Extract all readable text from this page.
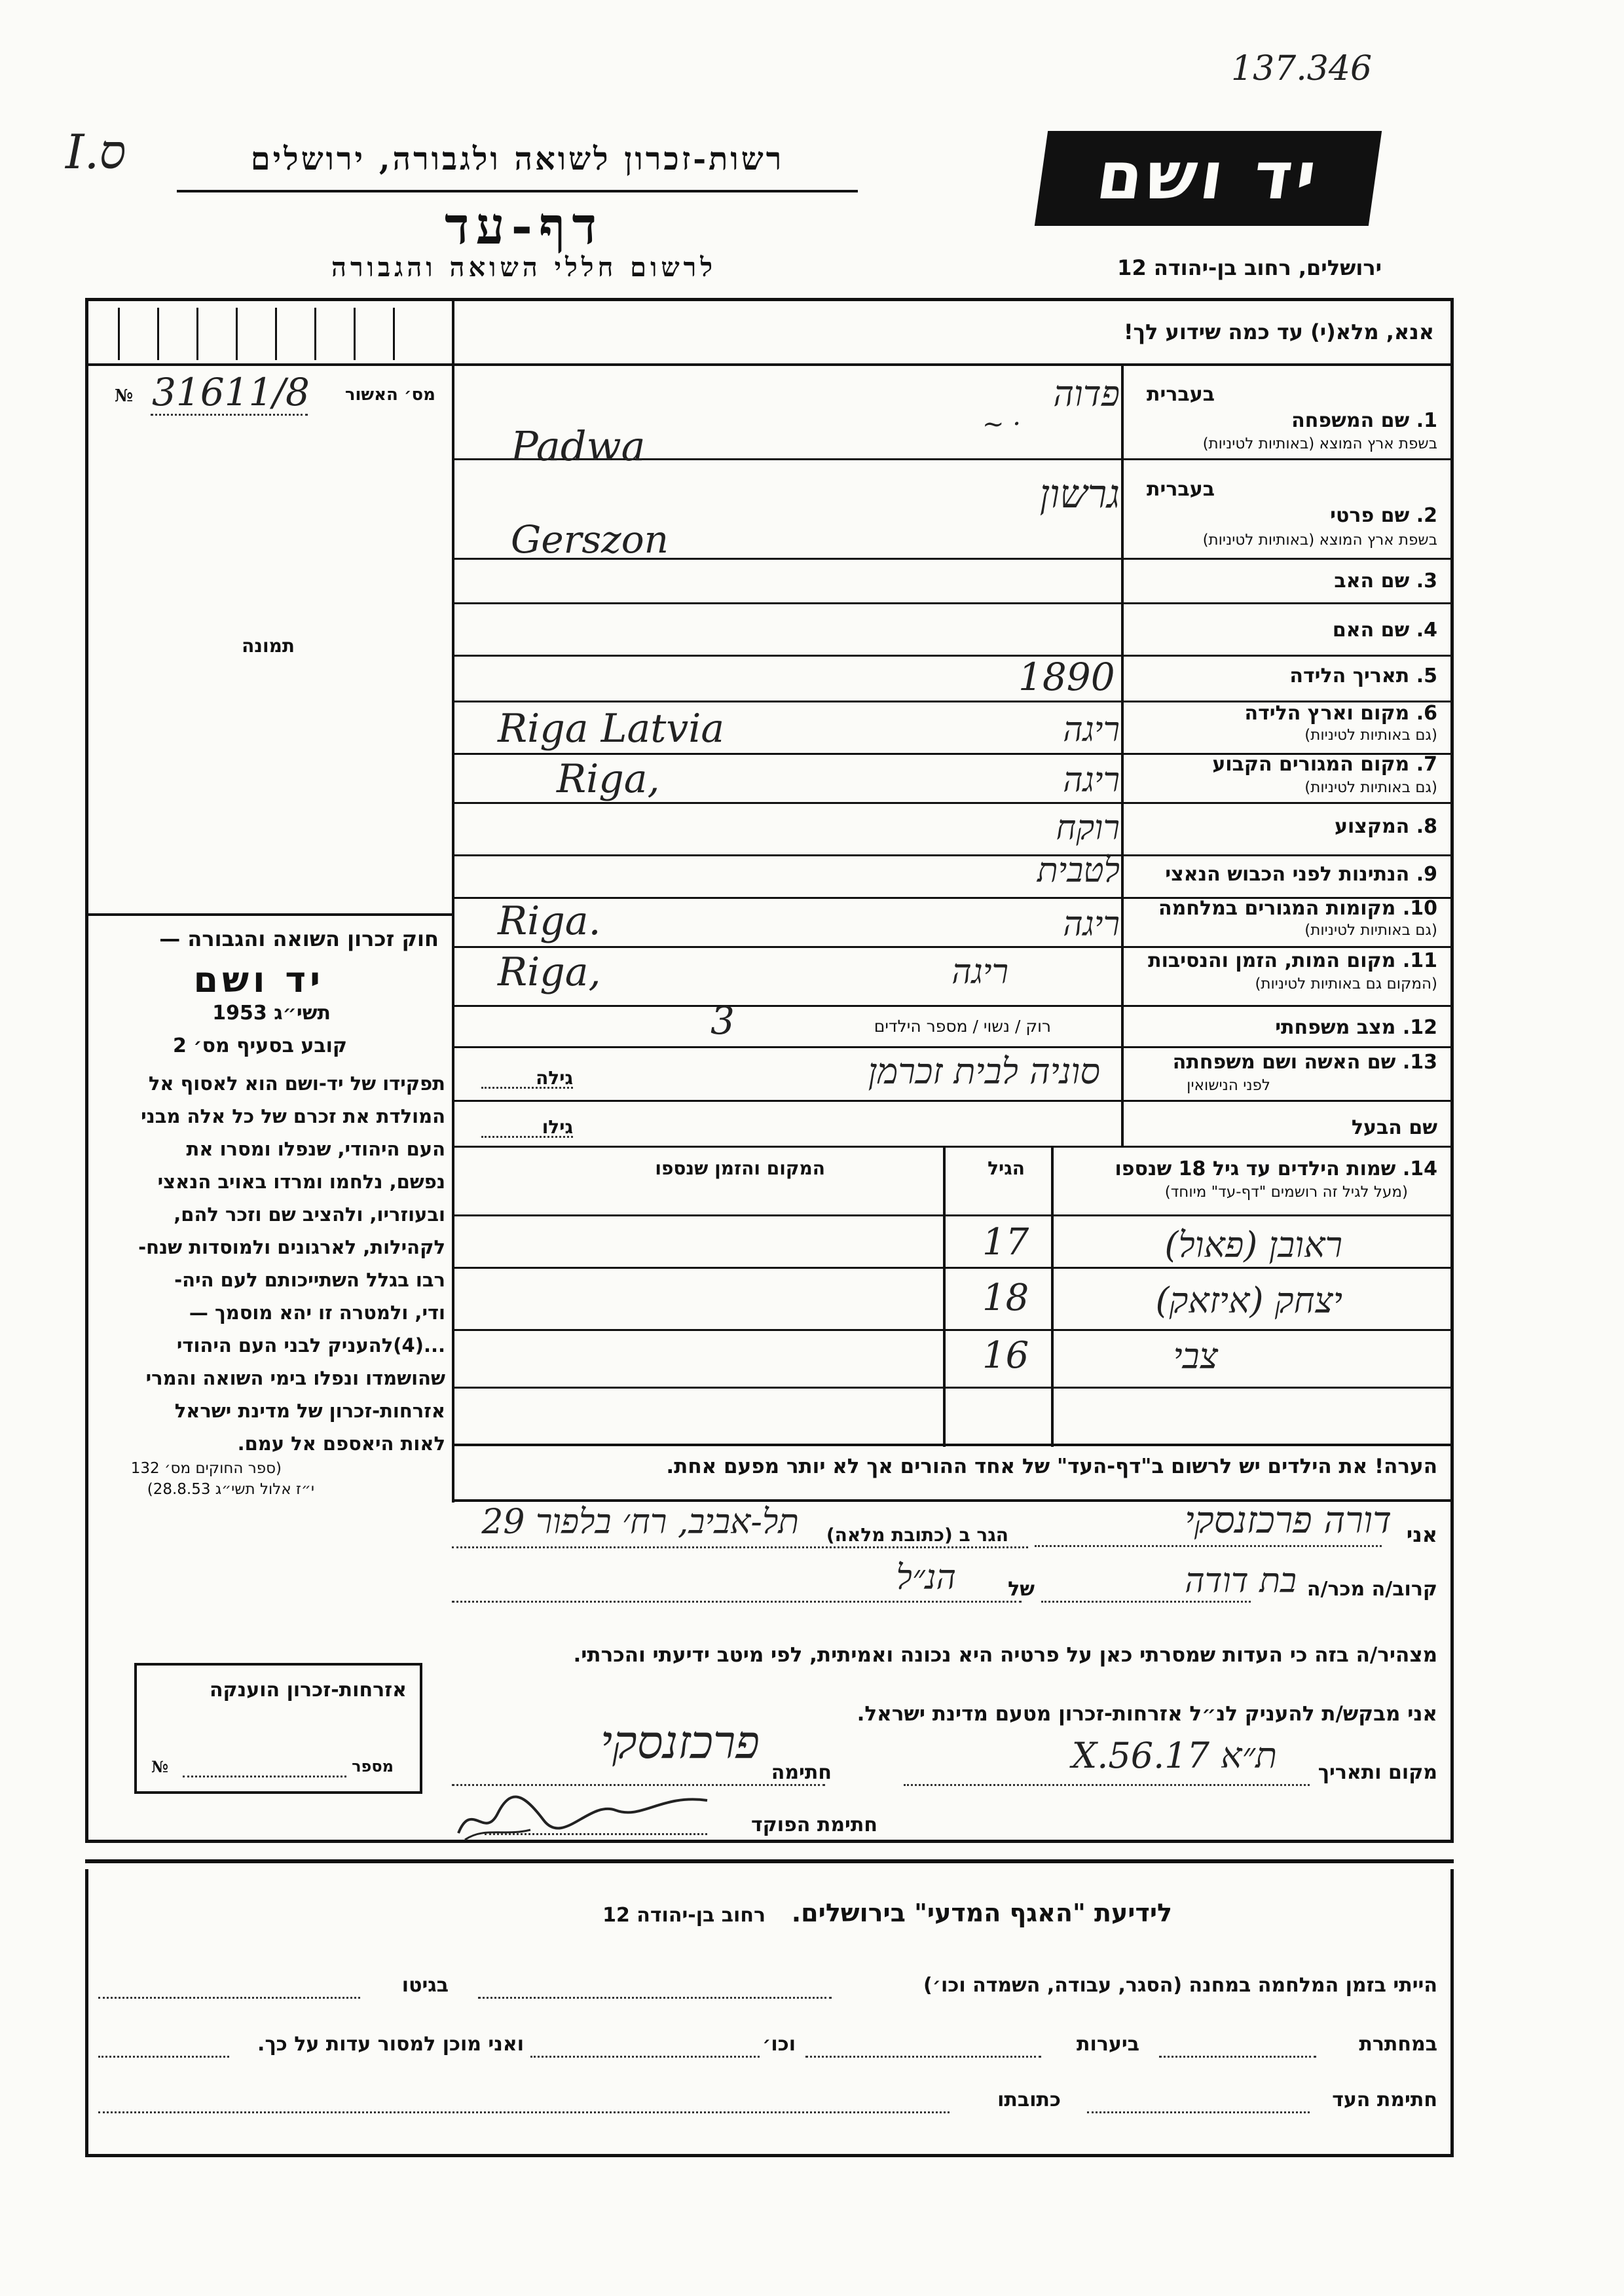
137.346
I.ס	רשות-זכרון לשואה ולגבורה, ירושלים
דף-עד
לרשום חללי השואה והגבורה
יד ושם
ירושלים, רחוב בן-יהודה 12
אנא, מלא(י) עד כמה שידוע לך!
מס׳ האשור
№ 31611/8
תמונה
בעברית
1. שם המשפחה
בשפת ארץ המוצא (באותיות לטיניות)
פדוה
Padwa	~ ·
בעברית
2. שם פרטי
בשפת ארץ המוצא (באותיות לטיניות)
גרשון
Gerszon
3. שם האב
4. שם האם
5. תאריך הלידה
1890
6. מקום וארץ הלידה
(גם באותיות לטיניות)
ריגה
Riga Latvia
7. מקום המגורים הקבוע
(גם באותיות לטיניות)
ריגה
Riga,
8. המקצוע
רוקח
9. הנתינות לפני הכבוש הנאצי
לטבית
10. מקומות המגורים במלחמה
(גם באותיות לטיניות)
ריגה
Riga.
11. מקום המות, הזמן והנסיבות
(המקום גם באותיות לטיניות)
ריגה
Riga,
12. מצב משפחתי
רוק / נשוי / מספר הילדים
3
13. שם האשה ושם משפחתה
לפני הנישואין
סוניה לבית זכרמן
גילה
שם הבעל
גילו
14. שמות הילדים עד גיל 18 שנספו
(מעל לגיל זה רושמים "דף-עד" מיוחד)
הגיל
המקום והזמן שנספו
ראובן (פאול)
17
יצחק (איזאק)
18
צבי
16
הערה! את הילדים יש לרשום ב"דף-העד" של אחד ההורים אך לא יותר מפעם אחת.
חוק זכרון השואה והגבורה —
יד ושם
תשי״ג 1953
קובע בסעיף מס׳ 2
תפקידו של יד-ושם הוא לאסוף אל
המולדת את זכרם של כל אלה מבני
העם היהודי, שנפלו ומסרו את
נפשם, נלחמו ומרדו באויב הנאצי
ובעוזריו, ולהציב שם וזכר להם,
לקהילות, לארגונים ולמוסדות שנח-
רבו בגלל השתייכותם לעם היה-
ודי, ולמטרה זו יהא מוסמך —
...(4)להעניק לבני העם היהודי
שהושמדו ונפלו בימי השואה והמרי
אזרחות-זכרון של מדינת ישראל
לאות היאספם אל עמם.
(ספר החוקים מס׳ 132
י״ז אלול תשי״ג 28.8.53)
אני
דורה פרכזנסקי
הגר ב (כתובת מלאה)
תל-אביב, רח׳ בלפור 29
קרוב/ה מכר/ה
בת דודה
של
הנ״ל
מצהיר/ה בזה כי העדות שמסרתי כאן על פרטיה היא נכונה ואמיתית, לפי מיטב ידיעתי והכרתי.
אני מבקש/ת להעניק לנ״ל אזרחות-זכרון מטעם מדינת ישראל.
מקום ותאריך
ת״א 17.X.56
חתימה
פרכזנסקי
חתימת הפוקד
אזרחות-זכרון הוענקה
מספר
№
לידיעת "האגף המדעי" בירושלים.   רחוב בן-יהודה 12
הייתי בזמן המלחמה במחנה (הסגר, עבודה, השמדה וכו׳)
בגיטו
במחתרת
ביערות
וכו׳
ואני מוכן למסור עדות על כך.
חתימת העד
כתובתו
